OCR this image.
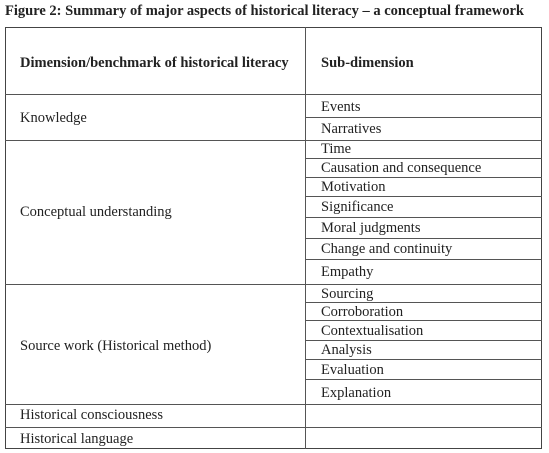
Figure 2: Summary of major aspects of historical literacy – a conceptual framework
Dimension/benchmark of historical literacy Sub-dimension
Knowledge
Conceptual understanding
Source work (Historical method)
Historical consciousness
Historical language
Events
Narratives
Time
Causation and consequence
Motivation
Significance
Moral judgments
Change and continuity
Empathy
Sourcing
Corroboration
Contextualisation
Analysis
Evaluation
Explanation
